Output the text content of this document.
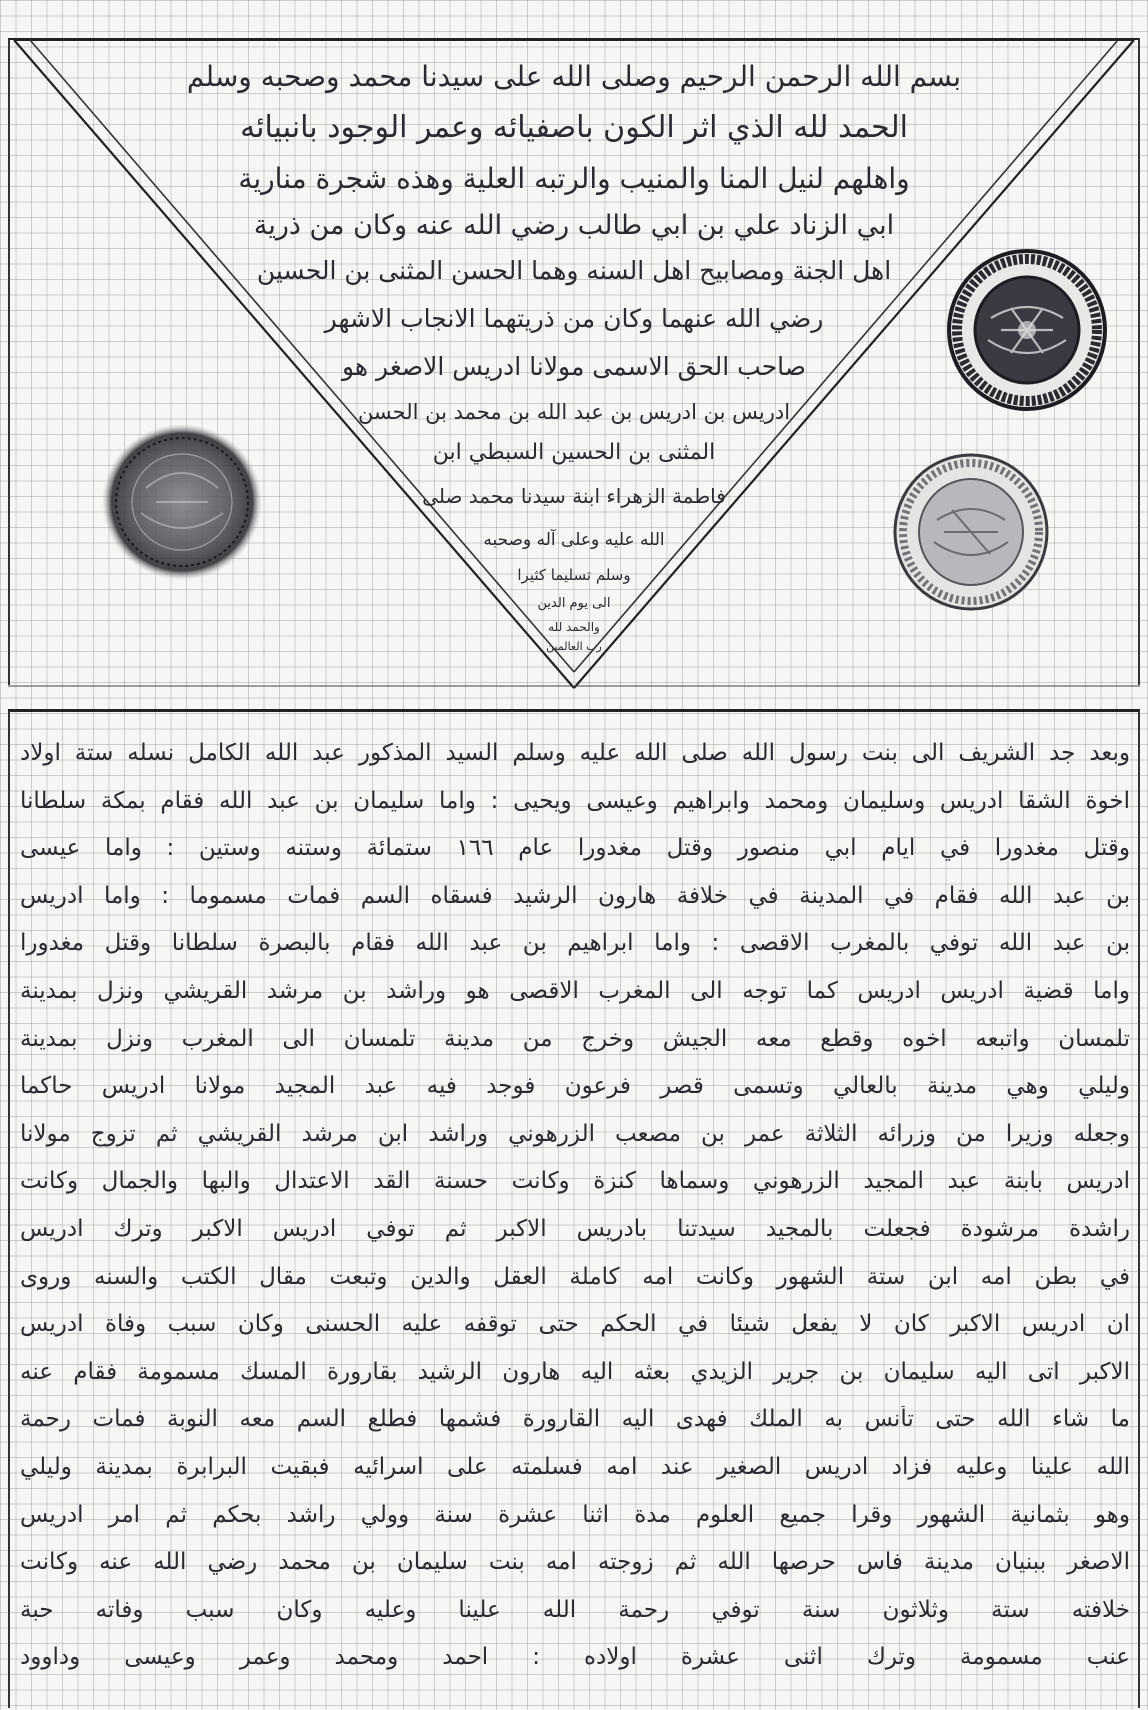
بسم الله الرحمن الرحيم وصلى الله على سيدنا محمد وصحبه وسلم
الحمد لله الذي اثر الكون باصفيائه وعمر الوجود بانبيائه
واهلهم لنيل المنا والمنيب والرتبه العلية وهذه شجرة منارية
ابي الزناد علي بن ابي طالب رضي الله عنه وكان من ذرية
اهل الجنة ومصابيح اهل السنه وهما الحسن المثنى بن الحسين
رضي الله عنهما وكان من ذريتهما الانجاب الاشهر
صاحب الحق الاسمى مولانا ادريس الاصغر هو
ادريس بن ادريس بن عبد الله بن محمد بن الحسن
المثنى بن الحسين السبطي ابن
فاطمة الزهراء ابنة سيدنا محمد صلى
الله عليه وعلى آله وصحبه
وسلم تسليما كثيرا
الى يوم الدين
والحمد لله
رب العالمين
وبعد جد الشريف الى بنت رسول الله صلى الله عليه وسلم السيد المذكور عبد الله الكامل نسله ستة اولاد
اخوة الشقا ادريس وسليمان ومحمد وابراهيم وعيسى ويحيى : واما سليمان بن عبد الله فقام بمكة سلطانا
وقتل مغدورا في ايام ابي منصور وقتل مغدورا عام ١٦٦ ستمائة وستنه وستين : واما عيسى
بن عبد الله فقام في المدينة في خلافة هارون الرشيد فسقاه السم فمات مسموما : واما ادريس
بن عبد الله توفي بالمغرب الاقصى : واما ابراهيم بن عبد الله فقام بالبصرة سلطانا وقتل مغدورا
واما قضية ادريس ادريس كما توجه الى المغرب الاقصى هو وراشد بن مرشد القريشي ونزل بمدينة
تلمسان واتبعه اخوه وقطع معه الجيش وخرج من مدينة تلمسان الى المغرب ونزل بمدينة
وليلي وهي مدينة بالعالي وتسمى قصر فرعون فوجد فيه عبد المجيد مولانا ادريس حاكما
وجعله وزيرا من وزرائه الثلاثة عمر بن مصعب الزرهوني وراشد ابن مرشد القريشي ثم تزوج مولانا
ادريس بابنة عبد المجيد الزرهوني وسماها كنزة وكانت حسنة القد الاعتدال والبها والجمال وكانت
راشدة مرشودة فجعلت بالمجيد سيدتنا بادريس الاكبر ثم توفي ادريس الاكبر وترك ادريس
في بطن امه ابن ستة الشهور وكانت امه كاملة العقل والدين وتبعت مقال الكتب والسنه وروى
ان ادريس الاكبر كان لا يفعل شيئا في الحكم حتى توقفه عليه الحسنى وكان سبب وفاة ادريس
الاكبر اتى اليه سليمان بن جرير الزيدي بعثه اليه هارون الرشيد بقارورة المسك مسمومة فقام عنه
ما شاء الله حتى تأنس به الملك فهدى اليه القارورة فشمها فطلع السم معه النوبة فمات رحمة
الله علينا وعليه فزاد ادريس الصغير عند امه فسلمته على اسرائيه فبقيت البرابرة بمدينة وليلي
وهو بثمانية الشهور وقرا جميع العلوم مدة اثنا عشرة سنة وولي راشد بحكم ثم امر ادريس
الاصغر ببنيان مدينة فاس حرصها الله ثم زوجته امه بنت سليمان بن محمد رضي الله عنه وكانت
خلافته ستة وثلاثون سنة توفي رحمة الله علينا وعليه وكان سبب وفاته حبة
عنب مسمومة وترك اثنى عشرة اولاده : احمد ومحمد وعمر وعيسى وداوود
